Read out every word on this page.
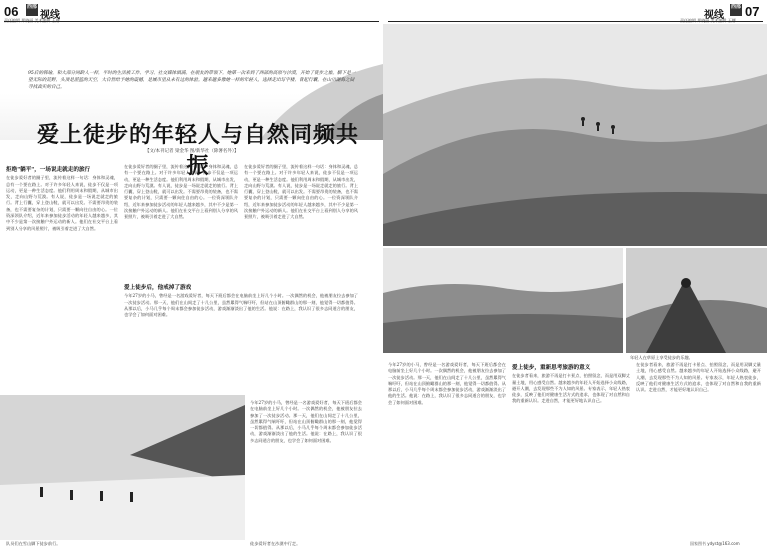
06 西部
视线	视线
西部 07
95后的韩瑜，和大部分同龄人一样，平时的生活被工作、学习、社交媒体填满。在朋友的带领下，她第一次来到了西部的高原与沙漠，开始了徒步之旅。脚下是一望无际的荒野，头顶是湛蓝的天空，大自然给予她的震撼，是城市里从未有过的体验。越来越多像她一样的年轻人，选择走出写字楼，背起行囊，在山川湖海之间寻找真实的自己。
爱上徒步的年轻人与自然同频共振
【文/本刊记者 梁金华 图/新华社（除署名外）】
拒绝"躺平"，一场说走就走的旅行
在徒步爱好者的圈子里，流传着这样一句话：身体和灵魂，总有一个要在路上。对于许多年轻人来说，徒步不仅是一项运动，更是一种生活态度。他们利用周末和假期，从城市出发，走向山野与荒漠。有人说，徒步是一场说走就走的旅行。背上行囊，穿上登山鞋，就可以出发。不需要昂贵的装备，也不需要复杂的计划，只需要一颗向往自由的心。一位资深领队介绍，近年来参加徒步活动的年轻人越来越多，其中不少是第一次接触户外运动的新人。他们在社交平台上看到别人分享的风景照片，被吸引着走进了大自然。
在徒步爱好者的圈子里，流传着这样一句话：身体和灵魂，总有一个要在路上。对于许多年轻人来说，徒步不仅是一项运动，更是一种生活态度。他们利用周末和假期，从城市出发，走向山野与荒漠。有人说，徒步是一场说走就走的旅行。背上行囊，穿上登山鞋，就可以出发。不需要昂贵的装备，也不需要复杂的计划，只需要一颗向往自由的心。一位资深领队介绍，近年来参加徒步活动的年轻人越来越多，其中不少是第一次接触户外运动的新人。他们在社交平台上看到别人分享的风景照片，被吸引着走进了大自然。
在徒步爱好者的圈子里，流传着这样一句话：身体和灵魂，总有一个要在路上。对于许多年轻人来说，徒步不仅是一项运动，更是一种生活态度。他们利用周末和假期，从城市出发，走向山野与荒漠。有人说，徒步是一场说走就走的旅行。背上行囊，穿上登山鞋，就可以出发。不需要昂贵的装备，也不需要复杂的计划，只需要一颗向往自由的心。一位资深领队介绍，近年来参加徒步活动的年轻人越来越多，其中不少是第一次接触户外运动的新人。他们在社交平台上看到别人分享的风景照片，被吸引着走进了大自然。
爱上徒步后，他戒掉了游戏
今年27岁的小马，曾经是一名游戏爱好者，每天下班后都会在电脑前坐上好几个小时。一次偶然的机会，他被朋友拉去参加了一次徒步活动。那一天，他们在山间走了十几公里，虽然累得气喘吁吁，但站在山顶俯瞰群山的那一刻，他觉得一切都值得。从那以后，小马几乎每个周末都会参加徒步活动，游戏渐渐淡出了他的生活。他说：在路上，我认识了很多志同道合的朋友，也学会了如何面对困难。
队员们在雪山脚下徒步前行。
今年27岁的小马，曾经是一名游戏爱好者，每天下班后都会在电脑前坐上好几个小时。一次偶然的机会，他被朋友拉去参加了一次徒步活动。那一天，他们在山间走了十几公里，虽然累得气喘吁吁，但站在山顶俯瞰群山的那一刻，他觉得一切都值得。从那以后，小马几乎每个周末都会参加徒步活动，游戏渐渐淡出了他的生活。他说：在路上，我认识了很多志同道合的朋友，也学会了如何面对困难。
年轻人在草原上享受徒步的乐趣。
今年27岁的小马，曾经是一名游戏爱好者，每天下班后都会在电脑前坐上好几个小时。一次偶然的机会，他被朋友拉去参加了一次徒步活动。那一天，他们在山间走了十几公里，虽然累得气喘吁吁，但站在山顶俯瞰群山的那一刻，他觉得一切都值得。从那以后，小马几乎每个周末都会参加徒步活动，游戏渐渐淡出了他的生活。他说：在路上，我认识了很多志同道合的朋友，也学会了如何面对困难。
爱上徒步，重新思考旅游的意义
在徒步者看来，旅游不再是打卡景点、拍照留念，而是用双脚丈量土地，用心感受自然。越来越多的年轻人开始选择小众线路，避开人潮，去发现那些不为人知的风景。专家表示，年轻人热衷徒步，反映了他们对健康生活方式的追求，也体现了对自然和自我的重新认识。走进自然，才能更好地认识自己。
在徒步者看来，旅游不再是打卡景点、拍照留念，而是用双脚丈量土地，用心感受自然。越来越多的年轻人开始选择小众线路，避开人潮，去发现那些不为人知的风景。专家表示，年轻人热衷徒步，反映了他们对健康生活方式的追求，也体现了对自然和自我的重新认识。走进自然，才能更好地认识自己。
徒步爱好者在沙漠中行走。	国家图书 ydyst@163.com
